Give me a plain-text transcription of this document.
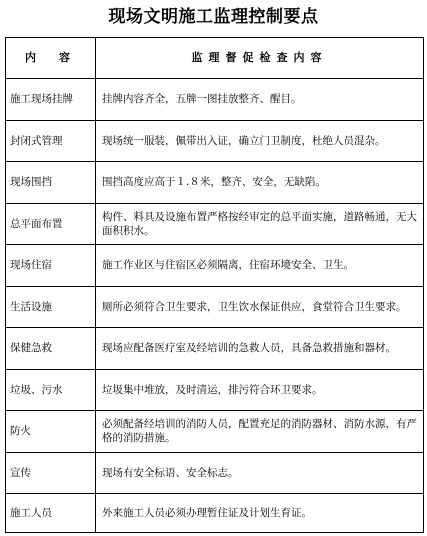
现场文明施工监理控制要点
内　容	监理督促检查内容
施工现场挂牌	挂牌内容齐全，五牌一图挂放整齐、醒目。
封闭式管理	现场统一服装，佩带出入证，确立门卫制度，杜绝人员混杂。
现场围挡	围挡高度应高于１.８米，整齐、安全，无缺陷。
总平面布置	构件、料具及设施布置严格按经审定的总平面实施，道路畅通，无大面积积水。
现场住宿	施工作业区与住宿区必须隔离，住宿环境安全、卫生。
生活设施	厕所必须符合卫生要求，卫生饮水保证供应，食堂符合卫生要求。
保健急救	现场应配备医疗室及经培训的急救人员，具备急救措施和器材。
垃圾、污水	垃圾集中堆放，及时清运，排污符合环卫要求。
防火	必须配备经培训的消防人员，配置充足的消防器材、消防水源，有严格的消防措施。
宣传	现场有安全标语、安全标志。
施工人员	外来施工人员必须办理暂住证及计划生育证。
